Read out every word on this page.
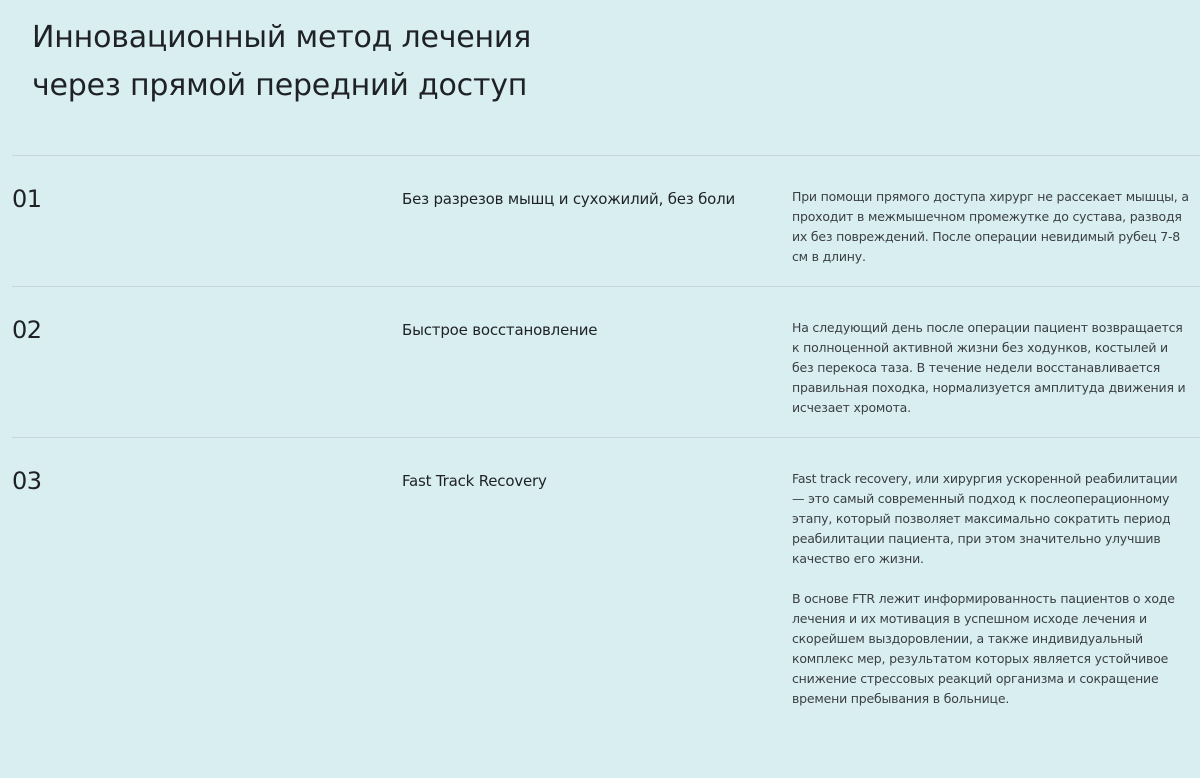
Инновационный метод лечения
через прямой передний доступ
01	Без разрезов мышц и сухожилий, без боли	При помощи прямого доступа хирург не рассекает мышцы, а проходит в межмышечном промежутке до сустава, разводя их без повреждений. После операции невидимый рубец 7-8 см в длину.

02	Быстрое восстановление	На следующий день после операции пациент возвращается к полноценной активной жизни без ходунков, костылей и без перекоса таза. В течение недели восстанавливается правильная походка, нормализуется амплитуда движения и исчезает хромота.

03	Fast Track Recovery	Fast track recovery, или хирургия ускоренной реабилитации — это самый современный подход к послеоперационному этапу, который позволяет максимально сократить период реабилитации пациента, при этом значительно улучшив качество его жизни.

В основе FTR лежит информированность пациентов о ходе лечения и их мотивация в успешном исходе лечения и скорейшем выздоровлении, а также индивидуальный комплекс мер, результатом которых является устойчивое снижение стрессовых реакций организма и сокращение времени пребывания в больнице.
